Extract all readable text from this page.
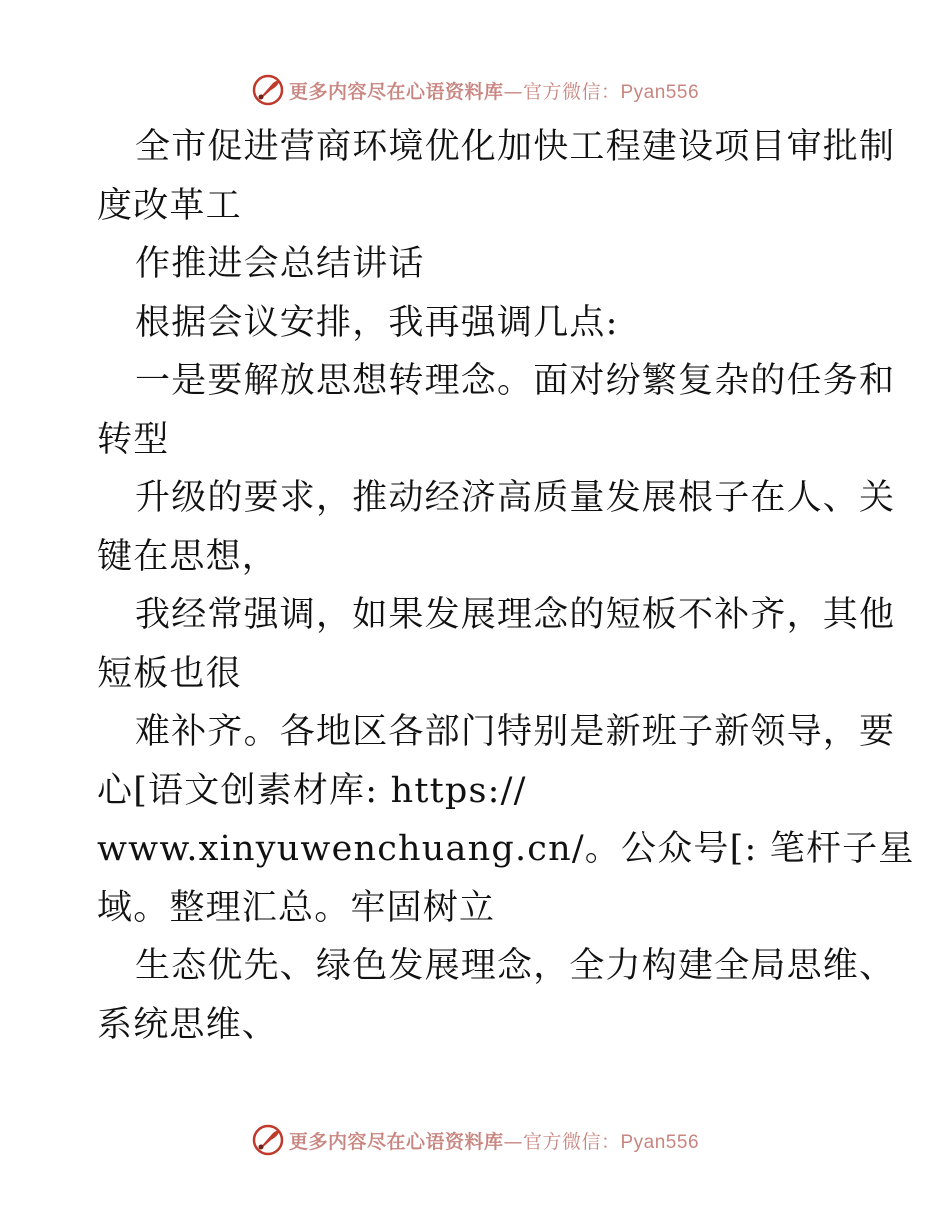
更多内容尽在心语资料库—官方微信：Pyan556
全市促进营商环境优化加快工程建设项目审批制
度改革工
作推进会总结讲话
根据会议安排，我再强调几点:
一是要解放思想转理念。面对纷繁复杂的任务和
转型
升级的要求，推动经济高质量发展根子在人、关
键在思想，
我经常强调，如果发展理念的短板不补齐，其他
短板也很
难补齐。各地区各部门特别是新班子新领导，要
心[语文创素材库: https://
www.xinyuwenchuang.cn/。公众号[: 笔杆子星
域。整理汇总。牢固树立
生态优先、绿色发展理念，全力构建全局思维、
系统思维、
更多内容尽在心语资料库—官方微信：Pyan556
